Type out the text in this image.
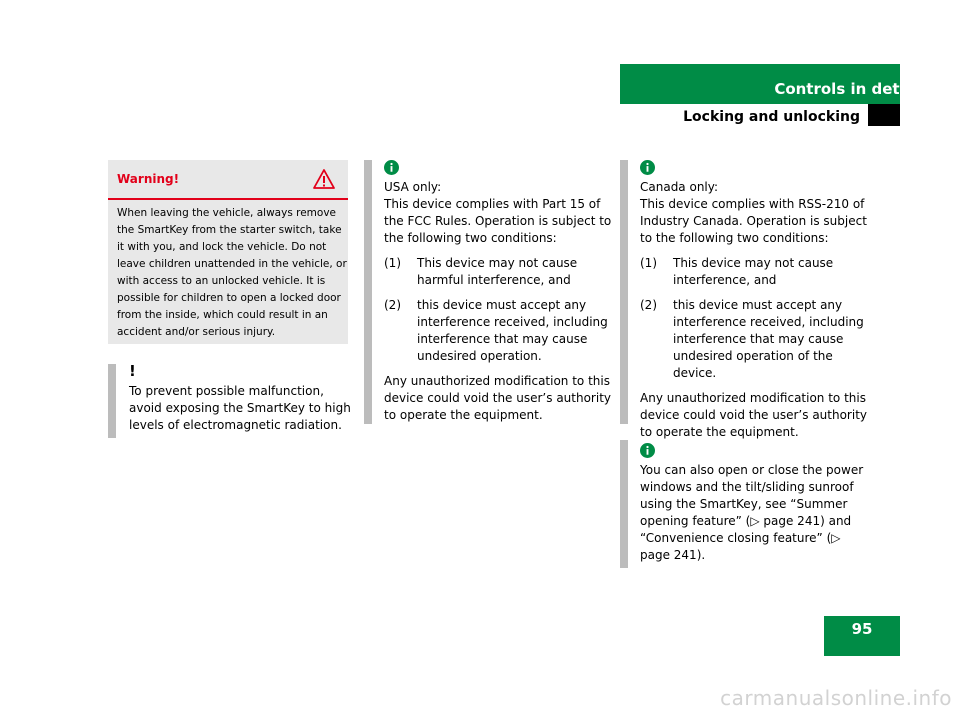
Controls in detail
Locking and unlocking
Warning!
When leaving the vehicle, always remove the SmartKey from the starter switch, take it with you, and lock the vehicle. Do not leave children unattended in the vehicle, or with access to an unlocked vehicle. It is possible for children to open a locked door from the inside, which could result in an accident and/or serious injury.
!
To prevent possible malfunction, avoid exposing the SmartKey to high levels of electromagnetic radiation.
USA only:
This device complies with Part 15 of the FCC Rules. Operation is subject to the following two conditions:
(1) This device may not cause harmful interference, and
(2) this device must accept any interference received, including interference that may cause undesired operation.
Any unauthorized modification to this device could void the user’s authority to operate the equipment.
Canada only:
This device complies with RSS-210 of Industry Canada. Operation is subject to the following two conditions:
(1) This device may not cause interference, and
(2) this device must accept any interference received, including interference that may cause undesired operation of the device.
Any unauthorized modification to this device could void the user’s authority to operate the equipment.
You can also open or close the power windows and the tilt/sliding sunroof using the SmartKey, see “Summer opening feature” (▷ page 241) and “Convenience closing feature” (▷ page 241).
95
carmanualsonline.info
